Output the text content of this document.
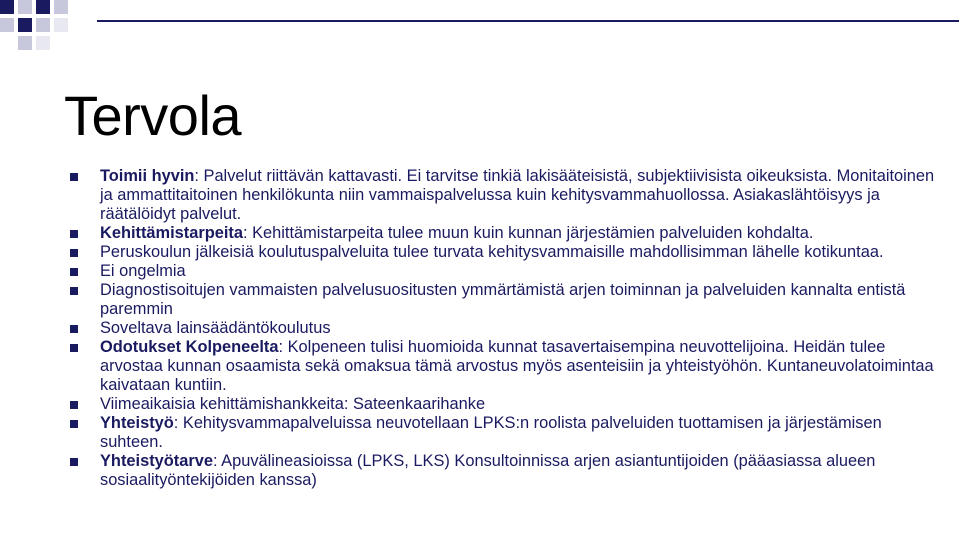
Tervola
Toimii hyvin: Palvelut riittävän kattavasti. Ei tarvitse tinkiä lakisääteisistä, subjektiivisista oikeuksista. Monitaitoinen ja ammattitaitoinen henkilökunta niin vammaispalvelussa kuin kehitysvammahuollossa. Asiakaslähtöisyys ja räätälöidyt palvelut.
Kehittämistarpeita: Kehittämistarpeita tulee muun kuin kunnan järjestämien palveluiden kohdalta.
Peruskoulun jälkeisiä koulutuspalveluita tulee turvata kehitysvammaisille mahdollisimman lähelle kotikuntaa.
Ei ongelmia
Diagnostisoitujen vammaisten palvelusuositusten ymmärtämistä arjen toiminnan ja palveluiden kannalta entistä paremmin
Soveltava lainsäädäntökoulutus
Odotukset Kolpeneelta: Kolpeneen tulisi huomioida kunnat tasavertaisempina neuvottelijoina. Heidän tulee arvostaa kunnan osaamista sekä omaksua tämä arvostus myös asenteisiin ja yhteistyöhön. Kuntaneuvolatoimintaa kaivataan kuntiin.
Viimeaikaisia kehittämishankkeita: Sateenkaarihanke
Yhteistyö: Kehitysvammapalveluissa neuvotellaan LPKS:n roolista palveluiden tuottamisen ja järjestämisen suhteen.
Yhteistyötarve: Apuvälineasioissa (LPKS, LKS) Konsultoinnissa arjen asiantuntijoiden (pääasiassa alueen sosiaalityöntekijöiden kanssa)
